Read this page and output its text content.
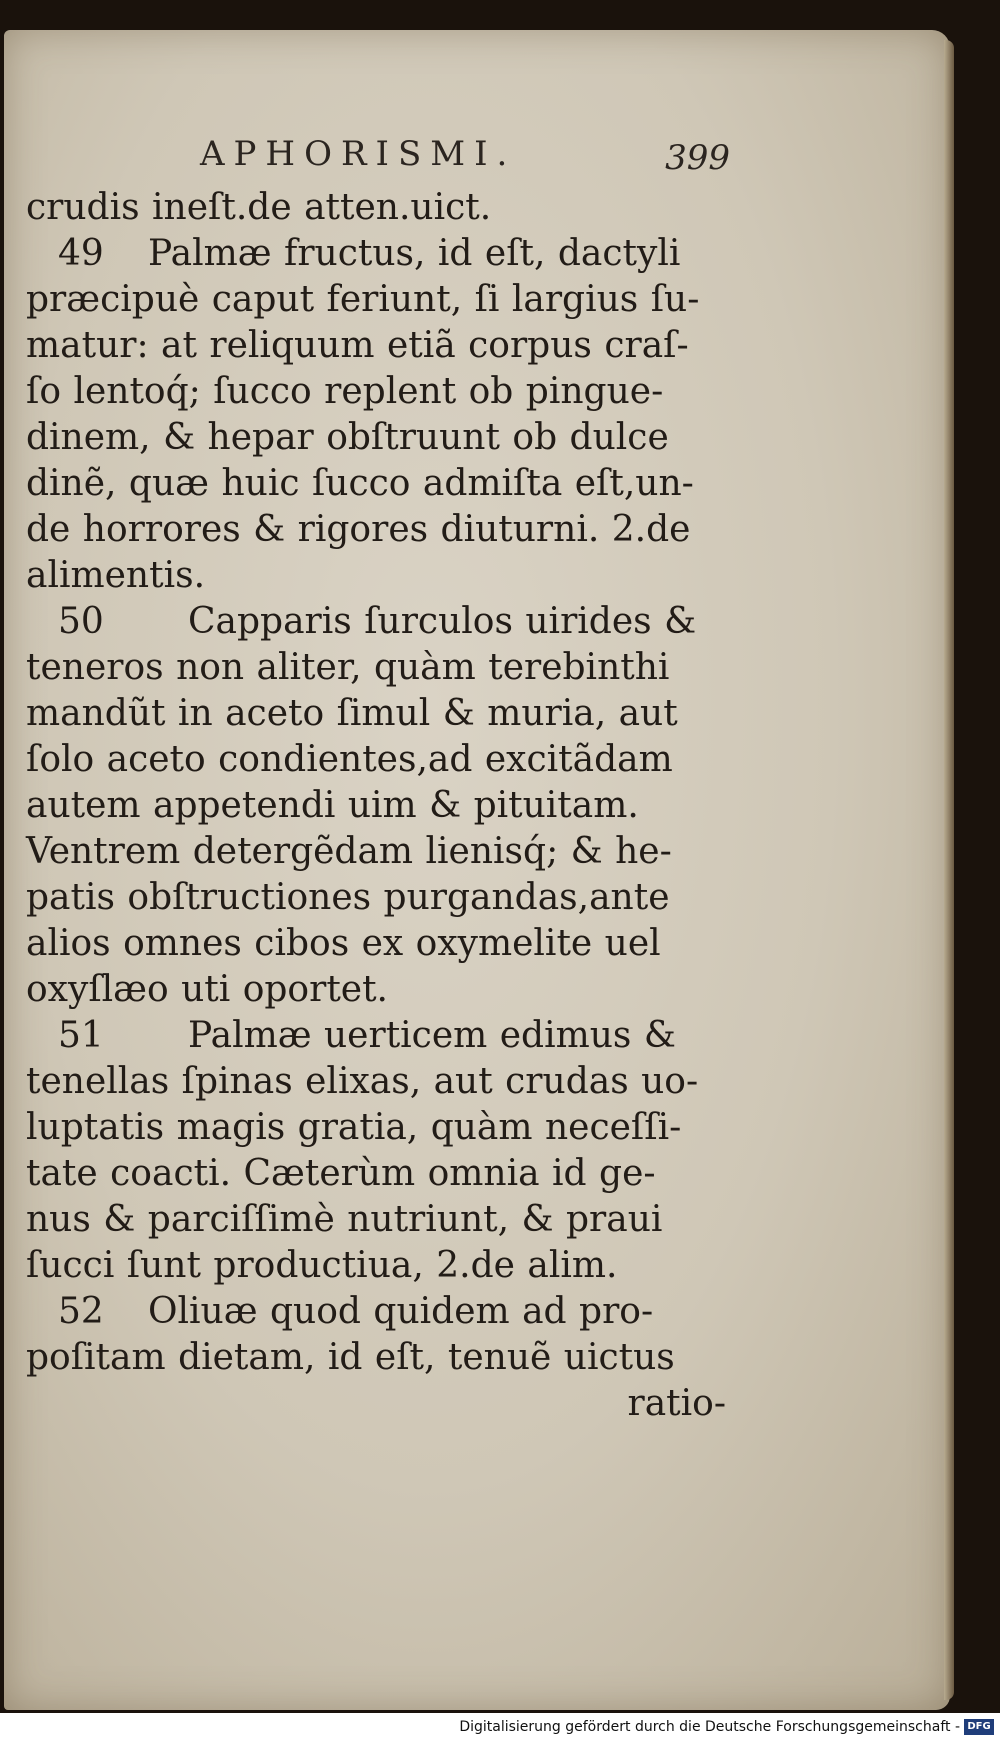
APHORISMI.	399
crudis ineſt.de atten.uict.
49 Palmæ fructus, id eſt, dactyli
præcipuè caput feriunt, ſi largius ſu-
matur: at reliquum etiã corpus craſ-
ſo lentoq́; ſucco replent ob pingue-
dinem, & hepar obſtruunt ob dulce
dinẽ, quæ huic ſucco admiſta eſt,un-
de horrores & rigores diuturni. 2.de
alimentis.
50 Capparis ſurculos uirides &
teneros non aliter, quàm terebinthi
mandũt in aceto ſimul & muria, aut
ſolo aceto condientes,ad excitãdam
autem appetendi uim & pituitam.
Ventrem detergẽdam lienisq́; & he-
patis obſtructiones purgandas,ante
alios omnes cibos ex oxymelite uel
oxyſlæo uti oportet.
51 Palmæ uerticem edimus &
tenellas ſpinas elixas, aut crudas uo-
luptatis magis gratia, quàm neceſſi-
tate coacti. Cæterùm omnia id ge-
nus & parciſſimè nutriunt, & praui
ſucci ſunt productiua, 2.de alim.
52 Oliuæ quod quidem ad pro-
poſitam dietam, id eſt, tenuẽ uictus
ratio-
Digitalisierung gefördert durch die Deutsche Forschungsgemeinschaft - DFG
